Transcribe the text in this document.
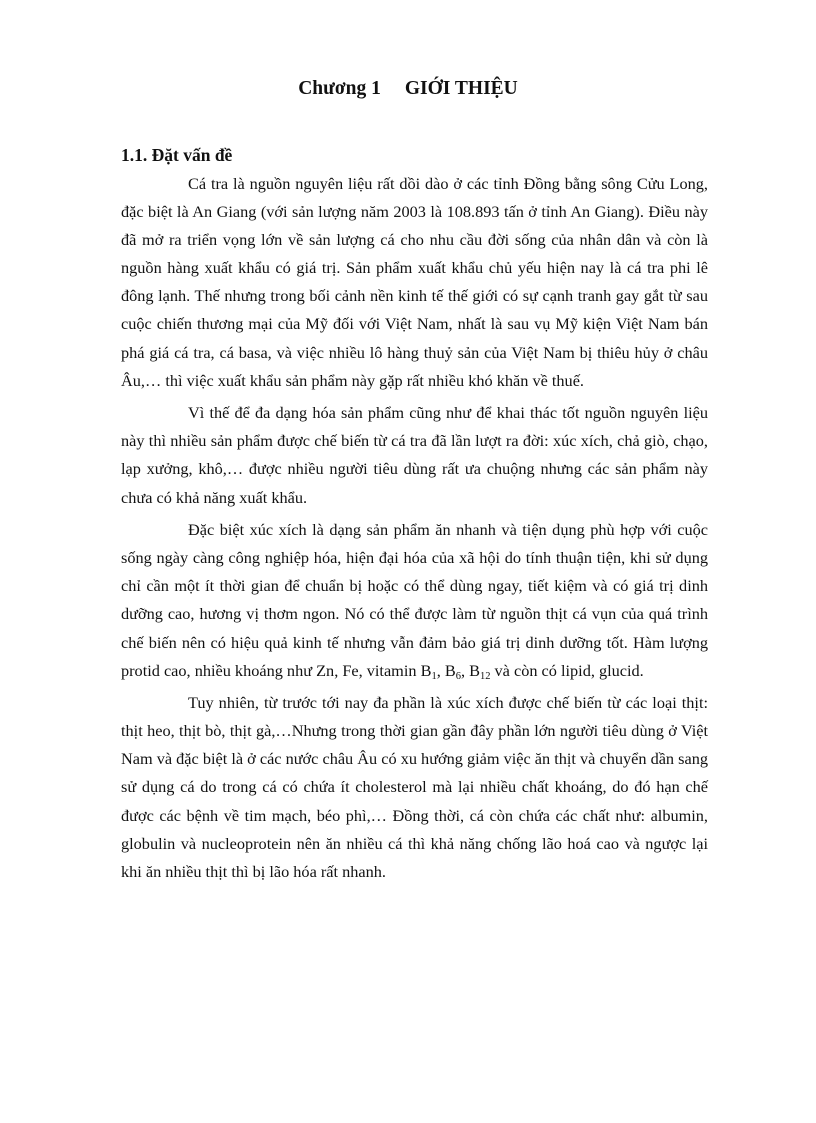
Chương 1 GIỚI THIỆU
1.1. Đặt vấn đề

Cá tra là nguồn nguyên liệu rất dồi dào ở các tỉnh Đồng bằng sông Cửu Long, đặc biệt là An Giang (với sản lượng năm 2003 là 108.893 tấn ở tỉnh An Giang). Điều này đã mở ra triển vọng lớn về sản lượng cá cho nhu cầu đời sống của nhân dân và còn là nguồn hàng xuất khẩu có giá trị. Sản phẩm xuất khẩu chủ yếu hiện nay là cá tra phi lê đông lạnh. Thế nhưng trong bối cảnh nền kinh tế thế giới có sự cạnh tranh gay gắt từ sau cuộc chiến thương mại của Mỹ đối với Việt Nam, nhất là sau vụ Mỹ kiện Việt Nam bán phá giá cá tra, cá basa, và việc nhiều lô hàng thuỷ sản của Việt Nam bị thiêu hủy ở châu Âu,… thì việc xuất khẩu sản phẩm này gặp rất nhiều khó khăn về thuế.

Vì thế để đa dạng hóa sản phẩm cũng như để khai thác tốt nguồn nguyên liệu này thì nhiều sản phẩm được chế biến từ cá tra đã lần lượt ra đời: xúc xích, chả giò, chạo, lạp xưởng, khô,… được nhiều người tiêu dùng rất ưa chuộng nhưng các sản phẩm này chưa có khả năng xuất khẩu.

Đặc biệt xúc xích là dạng sản phẩm ăn nhanh và tiện dụng phù hợp với cuộc sống ngày càng công nghiệp hóa, hiện đại hóa của xã hội do tính thuận tiện, khi sử dụng chỉ cần một ít thời gian để chuẩn bị hoặc có thể dùng ngay, tiết kiệm và có giá trị dinh dưỡng cao, hương vị thơm ngon. Nó có thể được làm từ nguồn thịt cá vụn của quá trình chế biến nên có hiệu quả kinh tế nhưng vẫn đảm bảo giá trị dinh dưỡng tốt. Hàm lượng protid cao, nhiều khoáng như Zn, Fe, vitamin $B_1$, $B_6$, $B_{12}$ và còn có lipid, glucid.

Tuy nhiên, từ trước tới nay đa phần là xúc xích được chế biến từ các loại thịt: thịt heo, thịt bò, thịt gà,…Nhưng trong thời gian gần đây phần lớn người tiêu dùng ở Việt Nam và đặc biệt là ở các nước châu Âu có xu hướng giảm việc ăn thịt và chuyển dần sang sử dụng cá do trong cá có chứa ít cholesterol mà lại nhiều chất khoáng, do đó hạn chế được các bệnh về tim mạch, béo phì,… Đồng thời, cá còn chứa các chất như: albumin, globulin và nucleoprotein nên ăn nhiều cá thì khả năng chống lão hoá cao và ngược lại khi ăn nhiều thịt thì bị lão hóa rất nhanh.
